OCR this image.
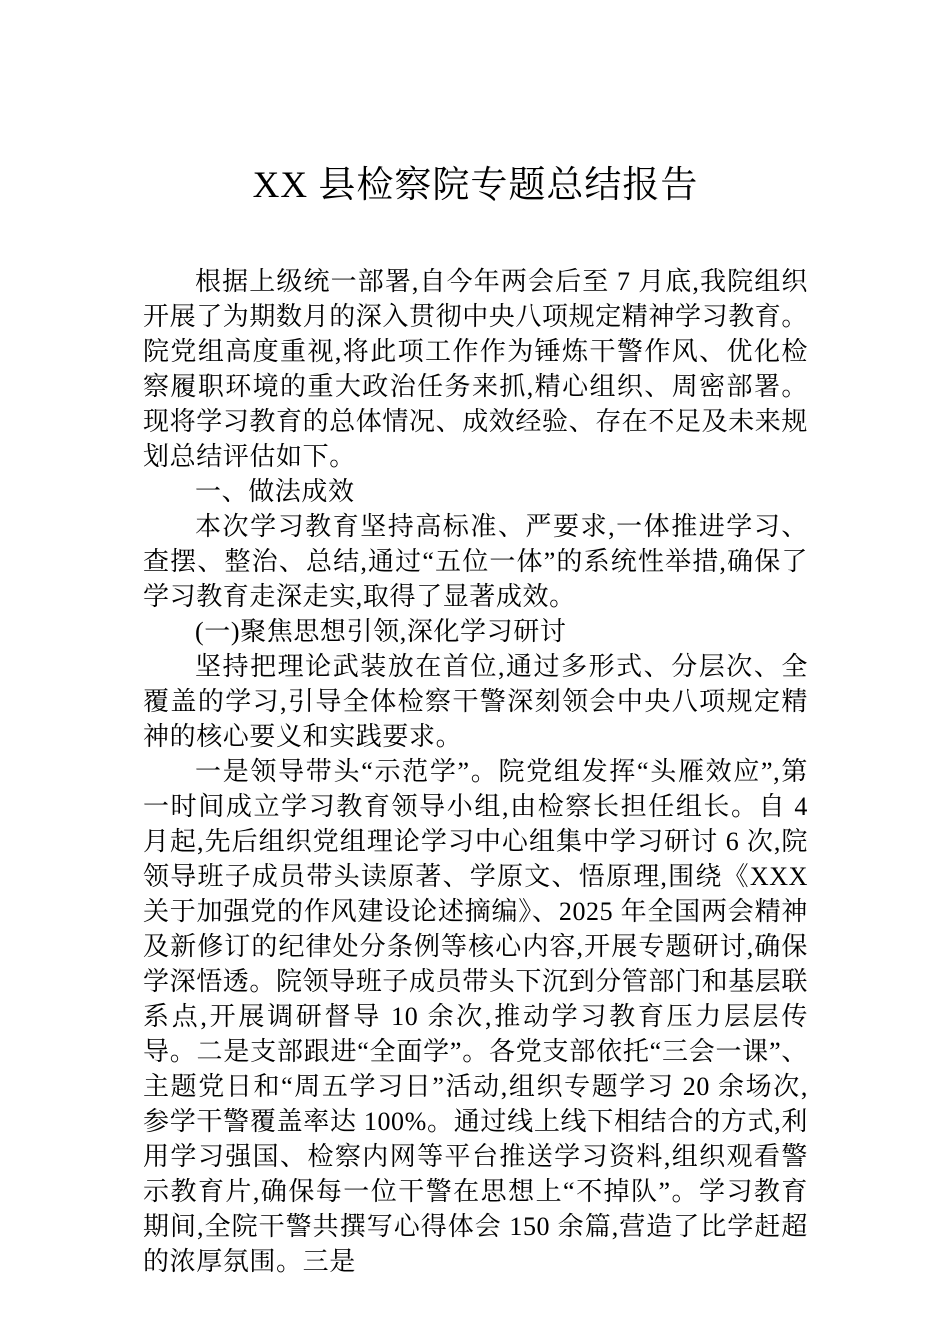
XX 县检察院专题总结报告

根据上级统一部署,自今年两会后至 7 月底,我院组织开展了为期数月的深入贯彻中央八项规定精神学习教育。院党组高度重视,将此项工作作为锤炼干警作风、优化检察履职环境的重大政治任务来抓,精心组织、周密部署。现将学习教育的总体情况、成效经验、存在不足及未来规划总结评估如下。

一、做法成效

本次学习教育坚持高标准、严要求,一体推进学习、查摆、整治、总结,通过“五位一体”的系统性举措,确保了学习教育走深走实,取得了显著成效。

(一)聚焦思想引领,深化学习研讨

坚持把理论武装放在首位,通过多形式、分层次、全覆盖的学习,引导全体检察干警深刻领会中央八项规定精神的核心要义和实践要求。

一是领导带头“示范学”。院党组发挥“头雁效应”,第一时间成立学习教育领导小组,由检察长担任组长。自 4 月起,先后组织党组理论学习中心组集中学习研讨 6 次,院领导班子成员带头读原著、学原文、悟原理,围绕《XXX 关于加强党的作风建设论述摘编》、2025 年全国两会精神及新修订的纪律处分条例等核心内容,开展专题研讨,确保学深悟透。院领导班子成员带头下沉到分管部门和基层联系点,开展调研督导 10 余次,推动学习教育压力层层传导。二是支部跟进“全面学”。各党支部依托“三会一课”、主题党日和“周五学习日”活动,组织专题学习 20 余场次,参学干警覆盖率达 100%。通过线上线下相结合的方式,利用学习强国、检察内网等平台推送学习资料,组织观看警示教育片,确保每一位干警在思想上“不掉队”。学习教育期间,全院干警共撰写心得体会 150 余篇,营造了比学赶超的浓厚氛围。三是
